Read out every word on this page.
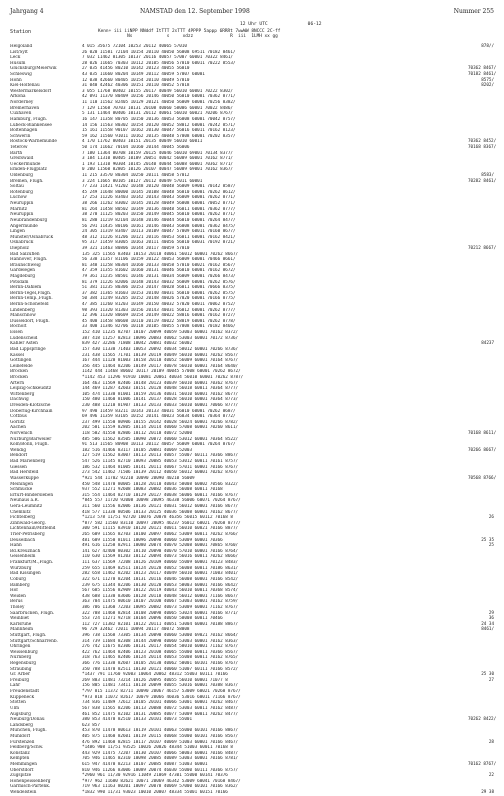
Jahrgang 4	NAMSTAD den 12. September 1998	Nummer 255
12 Uhr UTC	06-12
Station	Kenn+ iii iiNPP NNddf ItTTT 2sTTT 4PPPP 5appp 6RRRt 7wwWW 8NCCC 2C-ff
Ns             s     xdzz              R  iii  1LMH xx gg
Helgoland	4 015 35675 72104 10253 20112 40065 57010	878//
List/Sylt	26 020 11581 72104 10154 20110 40050 56008 69511 70182 8461/
Leck	7 032 11462 81305 10137 20116 40057 57007 60001 70322 8461/
Husum	28 026 11665 70303 10112 20105 40056 57010 60011 70222 8553/
Glücksburg/Meierwik	27 035 41456 80210 10142 20123 40055 56010	70362 8467/
Schleswig	43 035 11660 80204 10149 20112 40059 57007 60001	70182 8461/
Hohn	12 038 42660 80405 10154 20110 40049 57010	8575/
Kiel-Holtenau	31 040 42462 40306 10151 20110 40052 57018	8202/
Westermarkelsdorf	3 055 11768 80402 10155 20117 40049 56010 60001 70222 8302/
Arkona	42 091 11370 80409 10156 20146 40050 56010 60081 70362 8771/
Norderney	11 110 11562 82405 10129 20121 40050 56009 60001 70256 8382/
Bremerhaven	7 129 11568 70703 10131 20108 40060 58006 60001 70022 8486/
Cuxhaven	5 131 11464 80406 10131 20112 40061 56010 60021 70206 8767/
Hamburg, Flugh.	16 147 11358 80705 10150 20136 40053 56008 60001 70042 8757/
Lübeck-Blankensee	14 156 11563 80302 10154 20120 40052 58012 60001 70242 8571/
Boltenhagen	15 161 11558 90107 10162 20130 40047 56016 60011 70162 8123/
Schwerin	59 162 11560 91011 10162 20135 40048 57008 60001 70202 8357/
Rostock-Warnemünde	4 170 11762 80403 10151 20135 40049 56010 60011	70362 8452/
Teterow	50 174 11662 70104 10160 20144 40045 56006	70168 8367/
Barth	7 180 11364 80708 10159 20125 40046 56010 69001 70134 8377/
Greifswald	3 184 11310 80405 10109 20051 40042 56009 60001 70162 8771/
Ueckermünde	1 193 11310 90304 10145 20140 40044 56008 60001 70362 8771/
Emden-Flugplatz	0 200 11560 82805 10126 20107 40047 56009 69001 70162 8367/
Oldenburg	11 215 33570 80304 10250 20111 40058 57012	8583/
Bremen, Flugh.	3 224 11665 80105 10127 20112 40049 57011 60001	70282 8461/
Soltau	77 233 11421 91202 10148 20120 40048 56009 69001 70142 8587/
Rotenburg	45 249 11648 80000 10145 20108 40048 56010 60001 70262 8612/
Lüchow	17 253 11226 83403 10142 20143 40043 56009 60001 70262 8771/
Neuruppin	38 266 11262 83002 10145 20128 40049 56008 60001 70052 8771/
Marnitz	81 264 11458 80502 10149 20136 40048 56011 60001 70362 8777/
Neuruppin	38 270 11125 80203 10150 20149 40045 56010 60001 70262 8771/
Neubrandenburg	81 280 11219 82104 10148 20146 40044 56010 60001 70264 8477/
Angermünde	56 291 11435 80106 10161 20146 40043 56008 60001 70362 8475/
Lingen	24 305 11319 83407 10113 20109 40047 57009 60011 70160 8677/
Münster/Osnabrück	48 312 11226 81206 10121 20116 40053 56011 60001 70162 8421/
Osnabrück	95 317 11459 83005 10163 20111 40056 56010 60031 70192 8721/
Diepholz	39 321 11463 80806 10144 20117 40059 57010	70212 8667/
Bad Salzuflen	135 325 11565 83403 10153 20118 40061 56012 60001 70262 8667/
Hannover, Flugh.	56 338 11357 81106 10159 20122 40053 56009 60001 70466 8661/
Braunschweig	81 348 11258 80304 10160 20133 40058 57010 60021 70162 8567/
Gardelegen	47 359 11355 81602 10160 20131 40046 56010 60001 70162 8672/
Magdeburg	79 361 11235 80501 10146 20131 40034 56009 60001 70266 8473/
Potsdam	81 379 11226 82006 10148 20143 40032 56009 60001 70262 8576/
Berlin-Dahlem	51 381 11235 80306 10153 20147 40028 56011 60001 70666 8375/
Berlin-Tegel,Flugh.	37 382 11365 81603 10153 20140 40031 56010 60001 70262 8575/
Berlin-Temp.,Flugh.	50 384 11249 83205 10152 20148 40026 57020 60001 70166 8775/
Berlin-Schönefeld	47 385 11260 81203 10149 20150 40032 57020 60011 70062 8752/
Lindenberg	98 393 11320 81303 10156 20143 40031 56012 60001 70262 8777/
Manschnow	12 396 11320 80609 10154 20149 40022 58016 60001 70162 8727/
Düsseldorf, Flugh.	45 400 11458 80608 10110 20119 40022 58019 60001 70262 8778/
Bocholt	33 400 11346 82706 10118 20105 40055 57008 60001 70182 8466/
Essen	152 410 11235 82707 10107 20099 40059 53003 60001 70162 8372/
Lüdenscheid	387 418 11257 82813 10096 20083 40062 53003 60001 70172 8736/
Kahler Asten	839 427 32286 71808 10042 20081 40032 56002	84237
Bad Lippspringe	157 430 11330 71403 10053 20092 40034 58012 60001 70266 8736/
Kassel	231 438 11565 71701 10139 20119 40049 56010 60001 70262 8567/
Göttingen	167 444 11120 81003 10158 20110 40052 56009 60001 70164 8767/
Leinefelde	356 445 11464 82206 10149 20117 40078 56010 60001 70164 8640/
Brocken	1142 444 11468 80602 10117 20109 40045 57008 60001 70262 8672/
Brocken	* 1142 453 11296 91910 10081 20061 40034 56010 60001 70262 8787/
Artern	164 463 11569 82406 10148 20123 40039 56010 60001 70362 8767/
Leipzig-Schkeuditz	144 469 11287 42603 10151 20128 40048 56018 60011 70364 8777/
Wittenberg	105 474 11330 81001 10159 20136 40031 56010 60001 70162 8677/
Dachwig	150 480 11460 81006 10141 20137 40028 56010 60001 70364 8773/
Dresden-Klotzsche	230 488 11210 81907 10133 20133 40033 56010 60001 70066 8777/
Doberlug-Kirchhain	97 490 11459 83211 10143 20133 40031 56010 60001 70262 8687/
Cottbus	69 496 11359 83105 10152 20141 40023 56034 60001 70364 8772/
Görlitz	237 499 11550 80906 10155 20142 40028 56024 60001 70266 8782/
Aachen	202 501 11559 82805 10114 20114 40060 57008 60001 70260 8611/
Nörvenich	118 502 41558 82806 10112 20110 40072 52000	70168 8611/
Nürburg/Barweiler	485 506 11562 83505 10090 20072 40060 53012 60001 70364 8522/
Köln/Bonn, Flugh.	91 513 11565 80908 10113 20112 40057 56009 60001 70264 8767/
Wendig	182 516 41466 83117 10105 20081 40069 52003	70266 8667/
Bendorf	127 519 11562 83007 10113 20113 40057 55007 60111 70366 8867/
Bad Marienberg	547 526 11145 82710 10093 20085 40053 53012 60011 70161 8757/
Giessen	186 532 11464 81005 10141 20111 40067 57011 60001 70166 8767/
Bad Hersfeld	273 542 11462 71506 10139 20112 40050 56012 60001 70262 8767/
Wasserkuppe	* 921 544 11702 92210 10090 20090 40210 56009	70568 8766/
Meiningen	450 548 11470 80005 10128 20110 40043 58008 60002 70566 8322/
Schmücke	937 552 11271 92608 10083 20082 40036 56008 60011 70168
Erfurt-Bindersleben	315 554 11464 82710 10129 20127 40038 56006 60011 70166 8767/
Neuhaus a.R.	* 845 557 11720 92008 10098 20095 46338 56006 60071 70264 8767/
Gera-Leumnitz	311 560 11556 82006 10136 20121 40031 56012 60001 70166 8677/
Chemnitz	418 577 11330 80506 10133 20125 40036 56008 60001 70162 8677/
Fichtelberg	* 1213 578 11/51 92720 10076 20078 46356 56015 60112 70168 8	26
Zinnwald-Georg.	* 877 582 11560 83110 10097 20095 46237 56012 60021 70268 8777/
Lichtenhain/Mittelnd	300 591 11115 83910 10120 20121 40011 56010 60021 70166 8877/
Trier-Petrisberg	265 609 11565 82703 10100 20097 40062 53009 60011 70262 8766/
Deuselbach	481 609 11550 81011 10096 20098 40060 53009 60001 70366	25 35
Hahn	491 616 11258 82911 10080 20074 40070 52008 60001 70865 8760/	25
Bd.Kreuznach	141 627 42400 80302 10110 20090 40070 57010 60001 70166 8764/
Geisenheim	110 630 11569 81203 10112 20094 40073 56016 60011 70262 8666/
Frankfurt/M.,Flugh.	111 637 11569 72208 10126 20109 40060 55009 60001 70123 8483/
Würzburg	259 655 11469 82511 10124 20120 40052 56008 60011 70186 8631/
Bad Kissingen	282 658 11462 82202 10123 20117 40049 56010 60001 71003 8401/
Coburg	322 671 11270 82204 10131 20116 40046 56008 60001 70166 8542/
Bamberg	239 675 11344 82206 10130 20120 40053 58003 60001 70166 8642/
Hof	567 685 11556 82909 10122 20119 40043 56010 60011 70368 8574/
Weiden	438 688 11330 83606 10128 20118 40048 56012 60001 71166 8667/
Berus	363 704 11475 80610 10107 20100 40067 53003 60001 70162 8759/
Tholey	386 706 11360 72203 10095 20082 40073 53009 60001 71162 8767/
Saarbrücken, Flugh.	322 708 11468 82814 10108 20098 40065 53024 60001 70166 8771/	29
Weinbiet	553 724 11271 92718 10104 20096 40050 58008 60011 70466	36
Karlsruhe	112 727 11382 82101 10122 20111 40051 53004 60001 70188 8867/	24 34
Mannheim	96 729 32462 72011 10094 20117 40072 58008	8461/
Stuttgart, Flugh.	396 738 11568 73305 10134 20090 40060 53000 69021 70162 8664/
Stuttgart/Schnarrenb.	314 739 11684 82308 10144 20090 40060 53003 60001 70162 8363/
Öhringen	276 742 11675 82306 10131 20117 40054 58010 60001 71162 8767/
Weissenburg	422 762 11464 82406 10123 20108 40065 55000 60011 70366 8567/
Nürnberg	318 763 11465 82406 10124 20114 40053 55008 60011 70162 8765/
Regensburg	366 776 11338 82607 10105 20130 40062 50001 60101 70166 8767/
Straubing	350 788 11470 82511 10130 20121 40060 51007 60111 70166 8572/
Gr. Arber	* 1437 791 11760 92003 10064 20062 48312 55003 60111 70166	25 30
Freiburg	269 803 11481 73214 10126 20095 40055 56010 60001 71077 8	27
Lahr	156 805 11481 73411 10118 20099 40055 53016 60001 70388 8367/
Freudenstadt	* 797 815 11372 82711 10090 20067 46157 53009 60021 70268 8767/
Klippeneck	* 973 818 11072 82617 10079 20066 46036 53016 60011 71166 8767/
Stötten	734 836 11489 72612 10105 20101 40066 53001 60001 70262 8467/
Ulm	567 838 11565 82206 10113 20088 40072 53003 60011 70162 8487/
Augsburg	461 852 11475 82102 10131 20085 40077 53009 60011 70262 8477/
Neuburg/Donau	380 853 41470 82510 10133 20101 40073 55001	70262 8422/
Landsberg	623 857
München, Flugh.	453 870 11470 80613 10119 20101 40063 55000 60101 70166 8867/
Mühldorf	405 875 11460 82601 10119 20115 40068 55000 60101 70166 8567/
Fürstenzell	476 892 11468 82815 10117 20107 40069 51003 60001 70166 8467/	28
Feldberg/Schw.	* 1486 908 11/51 93525 10026 20026 48344 51003 60011 70168 8
Konstanz	443 929 11475 72207 10130 20107 40066 50003 60001 70166 8487/
Kempten	705 946 11465 82310 10098 20085 40089 53003 60001 70166 8781/
Memmingen	615 947 41470 82213 10107 20085 40087 51003 60001	70162 8767/
Oberstdorf	810 946 11266 83006 10089 20074 46030 55000 60111 70366 8757/
Zugspitze	* 2960 961 11/30 92916 11049 21069 47301 55000 60141 70376	22
Hohenpeissenberg	* 977 962 11680 82621 10071 20069 46342 53009 60041 70168 8467/
Garmisch-Partenk.	719 963 11163 80201 10097 20078 40069 57000 60101 70166 8362/
Wendelstein	* 1832 990 11/31 93023 10010 20007 48334 55001 60151 70166	29 38
